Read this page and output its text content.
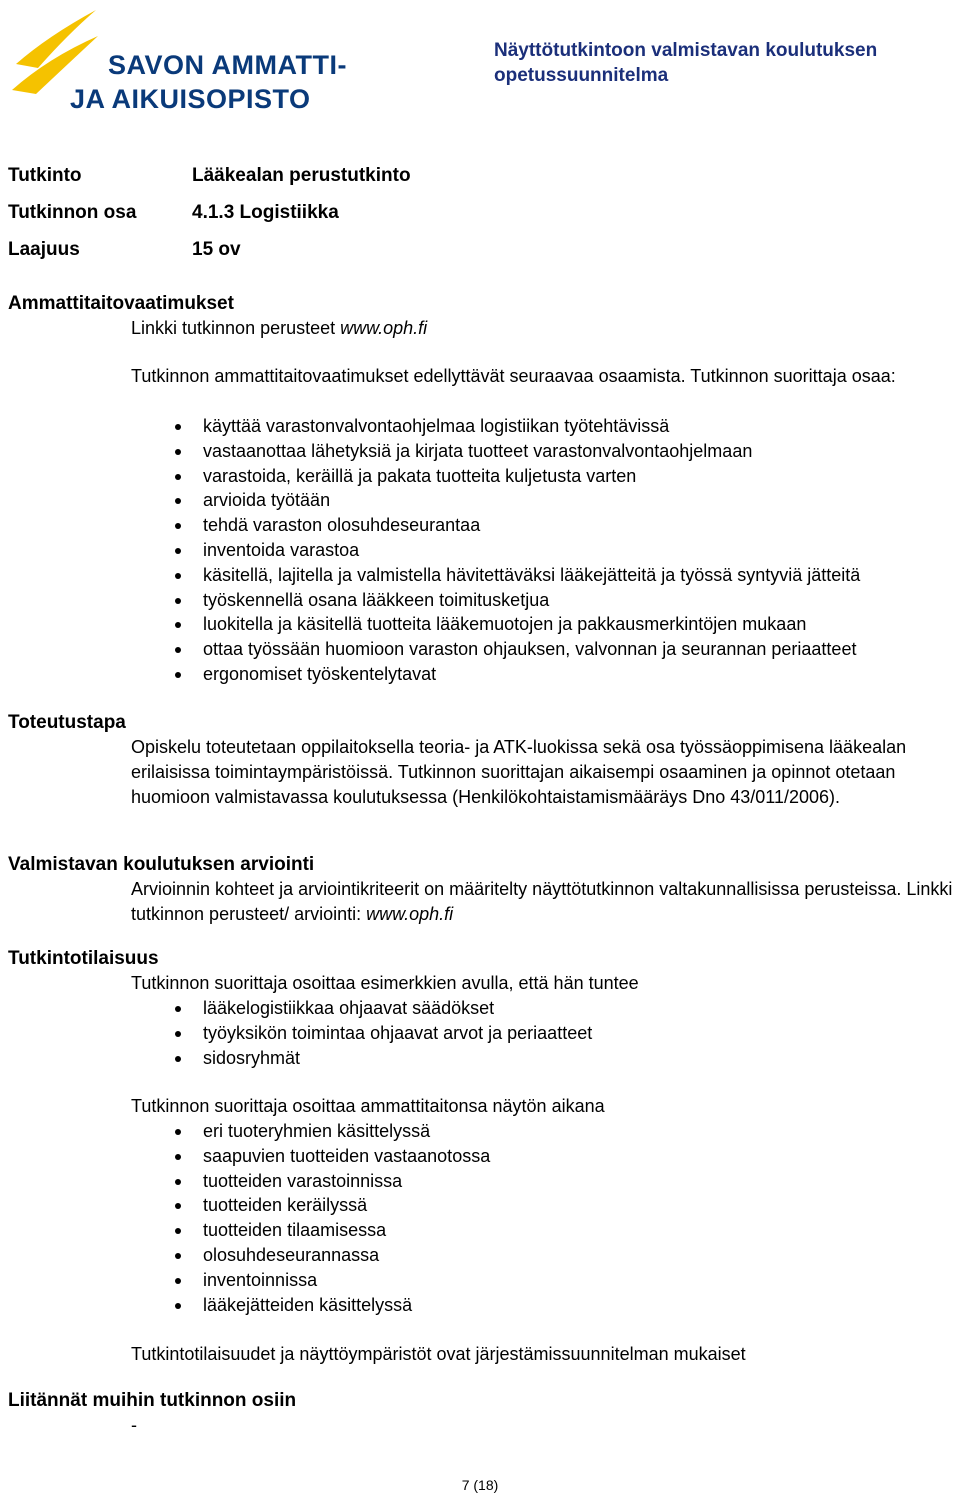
SAVON AMMATTI-
JA AIKUISOPISTO
Näyttötutkintoon valmistavan koulutuksen opetussuunnitelma
Tutkinto	Lääkealan perustutkinto
Tutkinnon osa	4.1.3 Logistiikka
Laajuus	15 ov
Ammattitaitovaatimukset
Linkki tutkinnon perusteet www.oph.fi
Tutkinnon ammattitaitovaatimukset edellyttävät seuraavaa osaamista. Tutkinnon suorittaja osaa:
käyttää varastonvalvontaohjelmaa logistiikan työtehtävissä
vastaanottaa lähetyksiä ja kirjata tuotteet varastonvalvontaohjelmaan
varastoida, keräillä ja pakata tuotteita kuljetusta varten
arvioida työtään
tehdä varaston olosuhdeseurantaa
inventoida varastoa
käsitellä, lajitella ja valmistella hävitettäväksi lääkejätteitä ja työssä syntyviä jätteitä
työskennellä osana lääkkeen toimitusketjua
luokitella ja käsitellä tuotteita lääkemuotojen ja pakkausmerkintöjen mukaan
ottaa työssään huomioon varaston ohjauksen, valvonnan ja seurannan periaatteet
ergonomiset työskentelytavat
Toteutustapa
Opiskelu toteutetaan oppilaitoksella teoria- ja ATK-luokissa sekä osa työssäoppimisena lääkealan erilaisissa toimintaympäristöissä. Tutkinnon suorittajan aikaisempi osaaminen ja opinnot otetaan huomioon valmistavassa koulutuksessa (Henkilökohtaistamismääräys Dno 43/011/2006).
Valmistavan koulutuksen arviointi
Arvioinnin kohteet ja arviointikriteerit on määritelty näyttötutkinnon valtakunnallisissa perusteissa. Linkki tutkinnon perusteet/ arviointi: www.oph.fi
Tutkintotilaisuus
Tutkinnon suorittaja osoittaa esimerkkien avulla, että hän tuntee
lääkelogistiikkaa ohjaavat säädökset
työyksikön toimintaa ohjaavat arvot ja periaatteet
sidosryhmät
Tutkinnon suorittaja osoittaa ammattitaitonsa näytön aikana
eri tuoteryhmien käsittelyssä
saapuvien tuotteiden vastaanotossa
tuotteiden varastoinnissa
tuotteiden keräilyssä
tuotteiden tilaamisessa
olosuhdeseurannassa
inventoinnissa
lääkejätteiden käsittelyssä
Tutkintotilaisuudet ja näyttöympäristöt ovat järjestämissuunnitelman mukaiset
Liitännät muihin tutkinnon osiin
-
7 (18)
